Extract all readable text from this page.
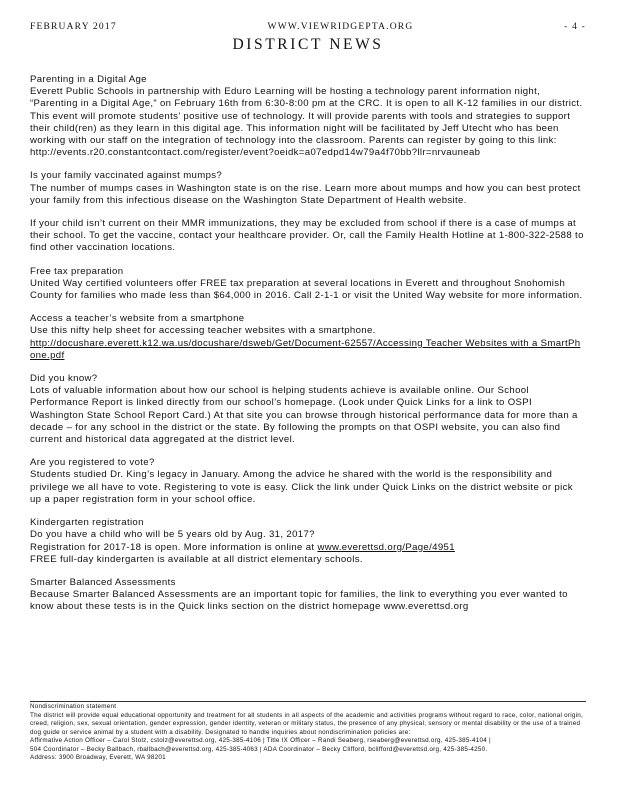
FEBRUARY 2017	WWW.VIEWRIDGEPTA.ORG	- 4 -
DISTRICT NEWS

Parenting in a Digital Age

Everett Public Schools in partnership with Eduro Learning will be hosting a technology parent information night, “Parenting in a Digital Age,” on February 16th from 6:30-8:00 pm at the CRC. It is open to all K-12 families in our district. This event will promote students’ positive use of technology. It will provide parents with tools and strategies to support their child(ren) as they learn in this digital age. This information night will be facilitated by Jeff Utecht who has been working with our staff on the integration of technology into the classroom. Parents can register by going to this link:

http://events.r20.constantcontact.com/register/event?oeidk=a07edpd14w79a4f70bb?llr=nrvauneab

Is your family vaccinated against mumps?

The number of mumps cases in Washington state is on the rise. Learn more about mumps and how you can best protect your family from this infectious disease on the Washington State Department of Health website.

If your child isn’t current on their MMR immunizations, they may be excluded from school if there is a case of mumps at their school. To get the vaccine, contact your healthcare provider. Or, call the Family Health Hotline at 1-800-322-2588 to find other vaccination locations.

Free tax preparation

United Way certified volunteers offer FREE tax preparation at several locations in Everett and throughout Snohomish County for families who made less than $64,000 in 2016. Call 2-1-1 or visit the United Way website for more information.

Access a teacher’s website from a smartphone

Use this nifty help sheet for accessing teacher websites with a smartphone.

http://docushare.everett.k12.wa.us/docushare/dsweb/Get/Document-62557/Accessing Teacher Websites with a SmartPhone.pdf

Did you know?

Lots of valuable information about how our school is helping students achieve is available online. Our School Performance Report is linked directly from our school’s homepage. (Look under Quick Links for a link to OSPI Washington State School Report Card.) At that site you can browse through historical performance data for more than a decade – for any school in the district or the state. By following the prompts on that OSPI website, you can also find current and historical data aggregated at the district level.

Are you registered to vote?

Students studied Dr. King’s legacy in January. Among the advice he shared with the world is the responsibility and privilege we all have to vote. Registering to vote is easy. Click the link under Quick Links on the district website or pick up a paper registration form in your school office.

Kindergarten registration

Do you have a child who will be 5 years old by Aug. 31, 2017?

Registration for 2017-18 is open. More information is online at www.everettsd.org/Page/4951

FREE full-day kindergarten is available at all district elementary schools.

Smarter Balanced Assessments

Because Smarter Balanced Assessments are an important topic for families, the link to everything you ever wanted to know about these tests is in the Quick links section on the district homepage www.everettsd.org

Nondiscrimination statement

The district will provide equal educational opportunity and treatment for all students in all aspects of the academic and activities programs without regard to race, color, national origin, creed, religion, sex, sexual orientation, gender expression, gender identity, veteran or military status, the presence of any physical, sensory or mental disability or the use of a trained dog guide or service animal by a student with a disability. Designated to handle inquiries about nondiscrimination policies are:

Affirmative Action Officer – Carol Stolz, cstolz@everettsd.org, 425-385-4106 | Title IX Officer – Randi Seaberg, rseaberg@everettsd.org, 425-385-4104 |

504 Coordinator – Becky Ballbach, rballbach@everettsd.org, 425-385-4063 | ADA Coordinator – Becky Clifford, bclifford@everettsd.org, 425-385-4250.

Address: 3900 Broadway, Everett, WA 98201
